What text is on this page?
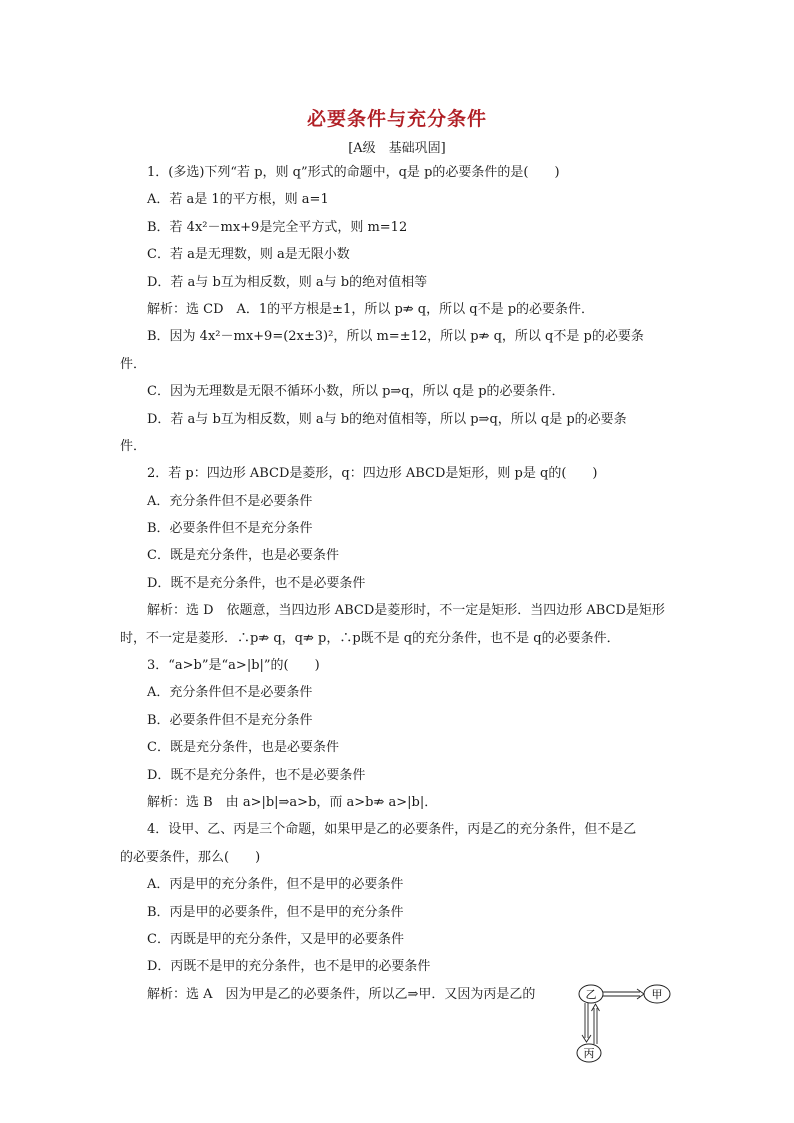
必要条件与充分条件
[A级　基础巩固]
1．(多选)下列“若 p，则 q”形式的命题中，q是 p的必要条件的是(　　)
A．若 a是 1的平方根，则 a=1
B．若 4x²－mx+9是完全平方式，则 m=12
C．若 a是无理数，则 a是无限小数
D．若 a与 b互为相反数，则 a与 b的绝对值相等
解析：选 CD　A．1的平方根是±1，所以 p⇏ q，所以 q不是 p的必要条件．
B．因为 4x²－mx+9=(2x±3)²，所以 m=±12，所以 p⇏ q，所以 q不是 p的必要条
件．
C．因为无理数是无限不循环小数，所以 p⇒q，所以 q是 p的必要条件．
D．若 a与 b互为相反数，则 a与 b的绝对值相等，所以 p⇒q，所以 q是 p的必要条
件．
2．若 p：四边形 ABCD是菱形，q：四边形 ABCD是矩形，则 p是 q的(　　)
A．充分条件但不是必要条件
B．必要条件但不是充分条件
C．既是充分条件，也是必要条件
D．既不是充分条件，也不是必要条件
解析：选 D　依题意，当四边形 ABCD是菱形时，不一定是矩形．当四边形 ABCD是矩形
时，不一定是菱形．∴p⇏ q，q⇏ p，∴p既不是 q的充分条件，也不是 q的必要条件．
3．“a>b”是“a>|b|”的(　　)
A．充分条件但不是必要条件
B．必要条件但不是充分条件
C．既是充分条件，也是必要条件
D．既不是充分条件，也不是必要条件
解析：选 B　由 a>|b|⇒a>b，而 a>b⇏ a>|b|．
4．设甲、乙、丙是三个命题，如果甲是乙的必要条件，丙是乙的充分条件，但不是乙
的必要条件，那么(　　)
A．丙是甲的充分条件，但不是甲的必要条件
B．丙是甲的必要条件，但不是甲的充分条件
C．丙既是甲的充分条件，又是甲的必要条件
D．丙既不是甲的充分条件，也不是甲的必要条件
解析：选 A　因为甲是乙的必要条件，所以乙⇒甲．又因为丙是乙的	乙	甲
丙
